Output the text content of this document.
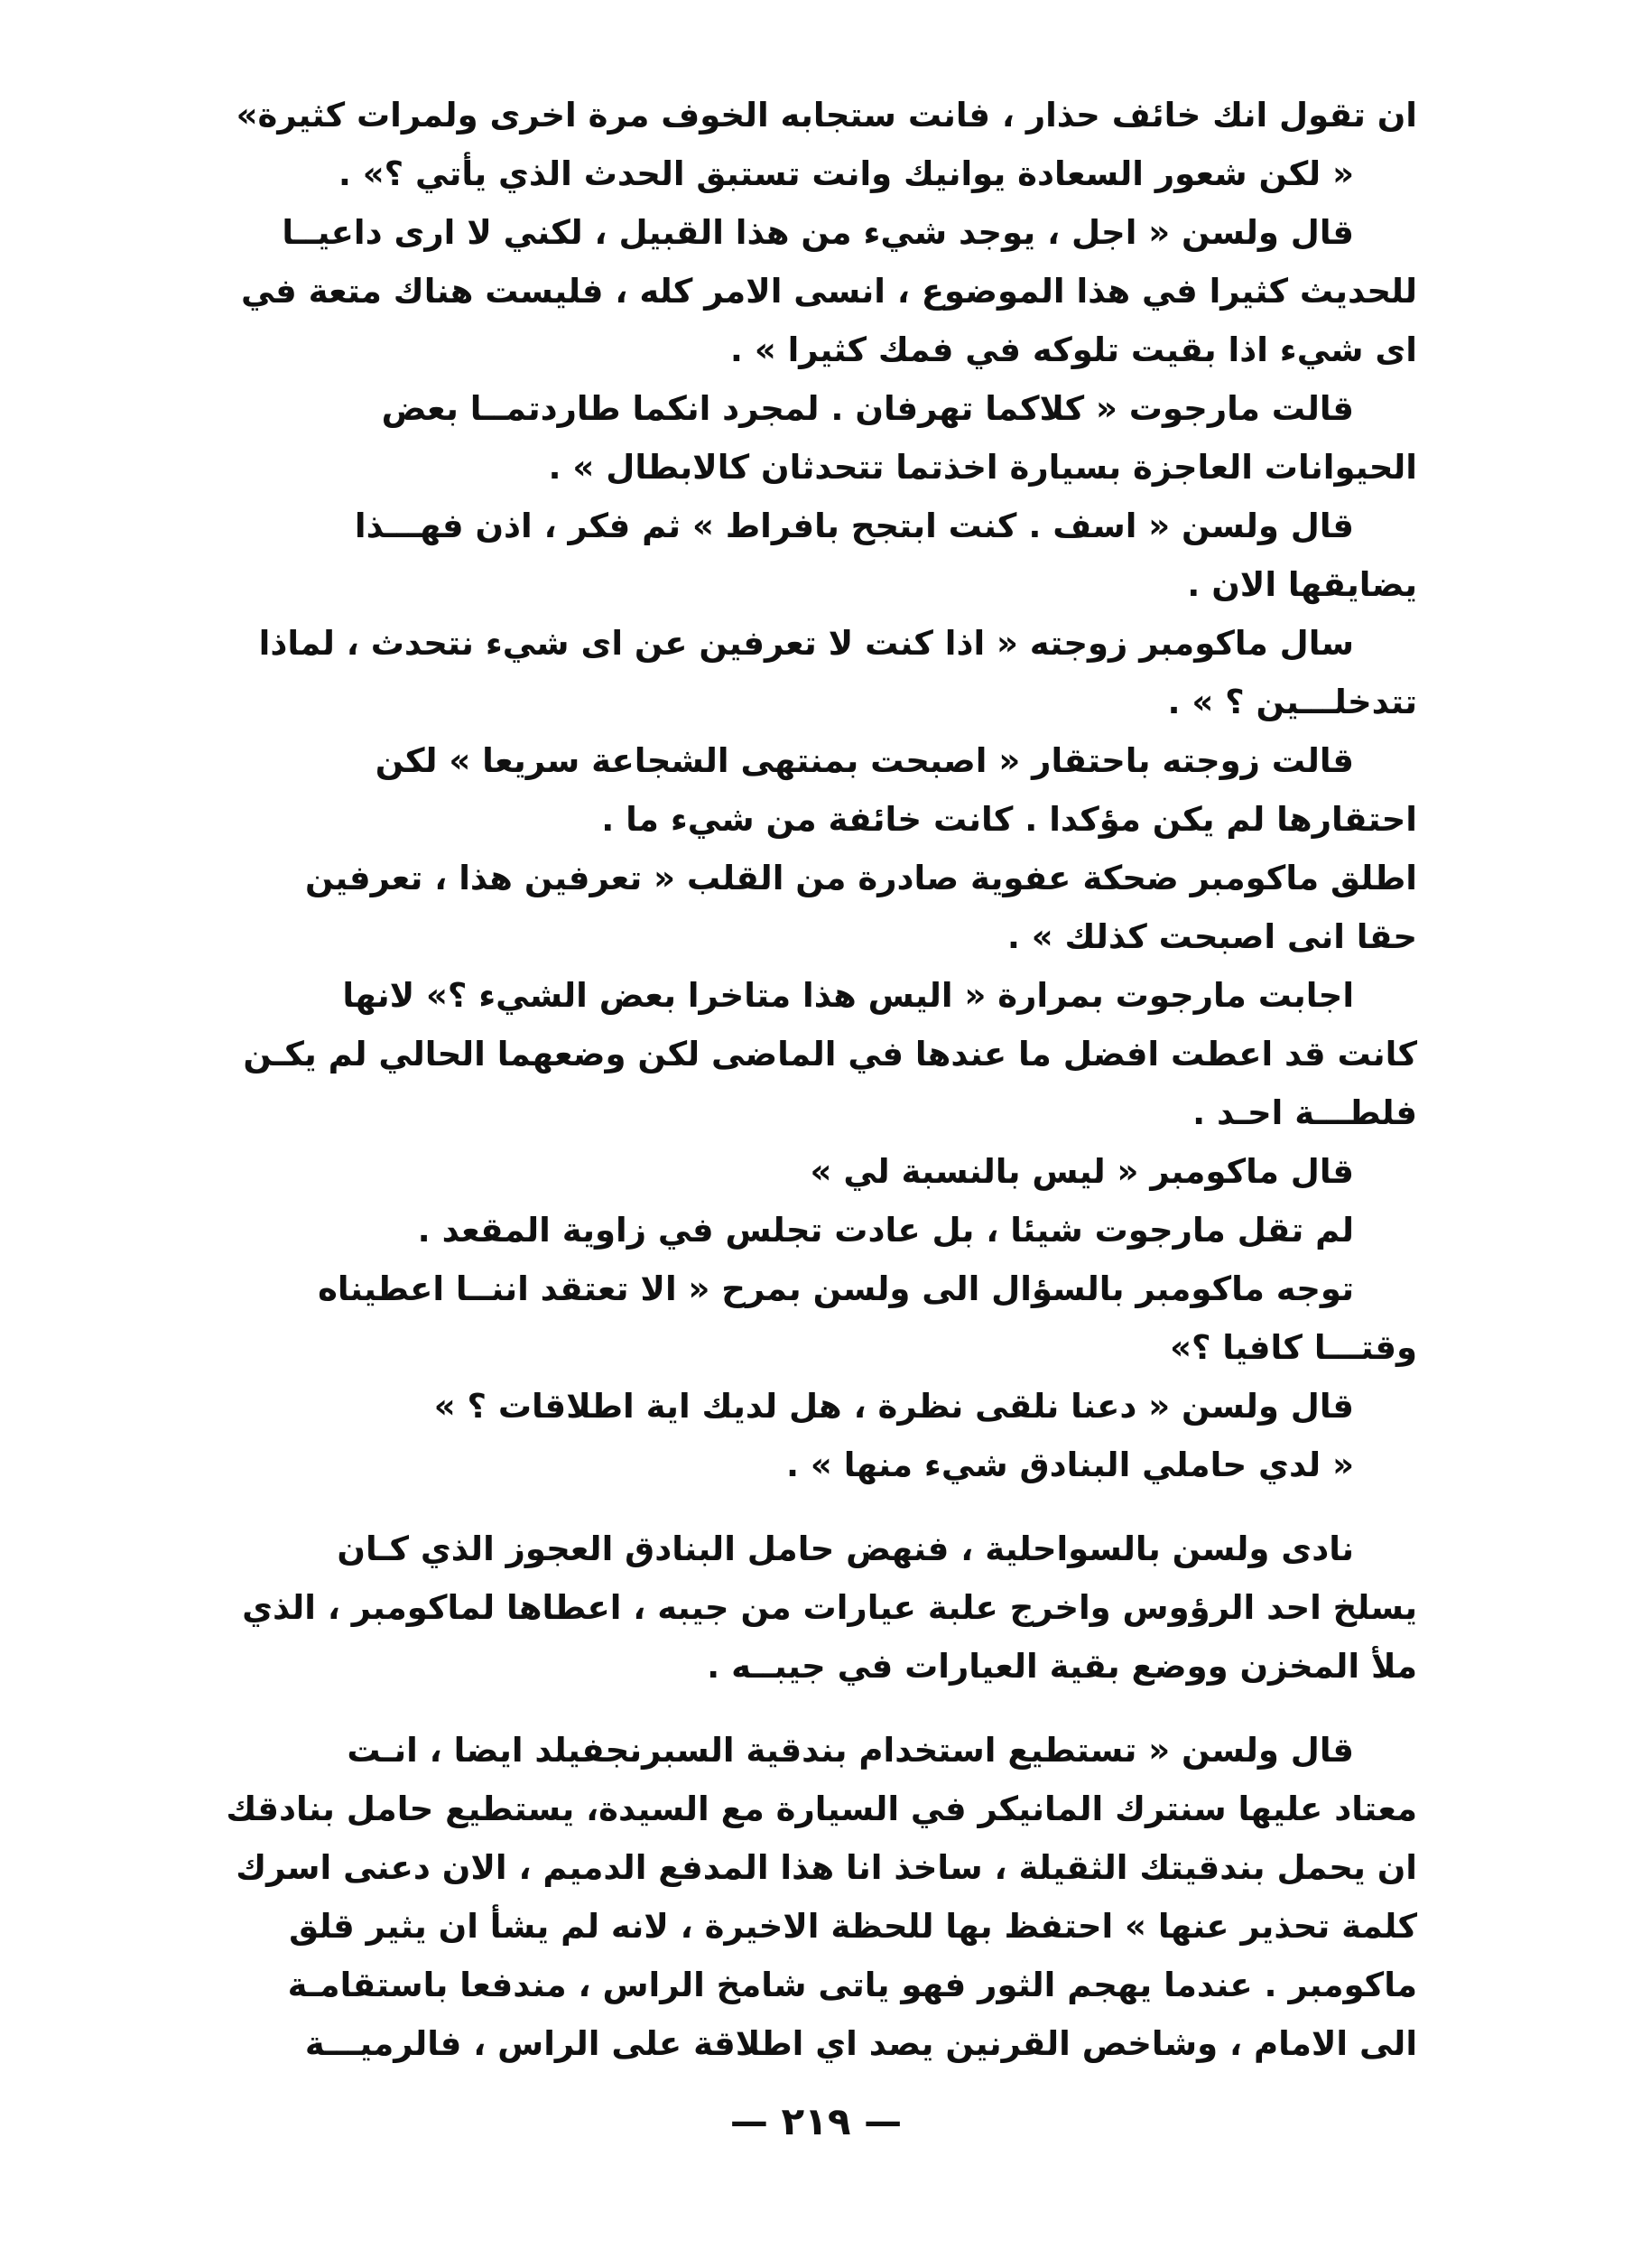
ان تقول انك خائف حذار ، فانت ستجابه الخوف مرة اخرى ولمرات كثيرة»
« لكن شعور السعادة يوانيك وانت تستبق الحدث الذي يأتي ؟» .

قال ولسن « اجل ، يوجد شيء من هذا القبيل ، لكني لا ارى داعيــا
للحديث كثيرا في هذا الموضوع ، انسى الامر كله ، فليست هناك متعة في
اى شيء اذا بقيت تلوكه في فمك كثيرا » .

قالت مارجوت « كلاكما تهرفان . لمجرد انكما طاردتمــا بعض
الحيوانات العاجزة بسيارة اخذتما تتحدثان كالابطال » .

قال ولسن « اسف . كنت ابتجح بافراط » ثم فكر ، اذن فهـــذا
يضايقها الان .

سال ماكومبر زوجته « اذا كنت لا تعرفين عن اى شيء نتحدث ، لماذا
تتدخلـــين ؟ » .

قالت زوجته باحتقار « اصبحت بمنتهى الشجاعة سريعا » لكن
احتقارها لم يكن مؤكدا . كانت خائفة من شيء ما .

اطلق ماكومبر ضحكة عفوية صادرة من القلب « تعرفين هذا ، تعرفين
حقا انى اصبحت كذلك » .

اجابت مارجوت بمرارة « اليس هذا متاخرا بعض الشيء ؟» لانها
كانت قد اعطت افضل ما عندها في الماضى لكن وضعهما الحالي لم يكـن
فلطـــة احـد .

قال ماكومبر « ليس بالنسبة لي »
لم تقل مارجوت شيئا ، بل عادت تجلس في زاوية المقعد .

توجه ماكومبر بالسؤال الى ولسن بمرح « الا تعتقد اننــا اعطيناه
وقتـــا كافيا ؟»

قال ولسن « دعنا نلقى نظرة ، هل لديك اية اطلاقات ؟ »
« لدي حاملي البنادق شيء منها » .

نادى ولسن بالسواحلية ، فنهض حامل البنادق العجوز الذي كـان
يسلخ احد الرؤوس واخرج علبة عيارات من جيبه ، اعطاها لماكومبر ، الذي
ملأ المخزن ووضع بقية العيارات في جيبــه .

قال ولسن « تستطيع استخدام بندقية السبرنجفيلد ايضا ، انـت
معتاد عليها سنترك المانيكر في السيارة مع السيدة، يستطيع حامل بنادقك
ان يحمل بندقيتك الثقيلة ، ساخذ انا هذا المدفع الدميم ، الان دعنى اسرك
كلمة تحذير عنها » احتفظ بها للحظة الاخيرة ، لانه لم يشأ ان يثير قلق
ماكومبر . عندما يهجم الثور فهو ياتى شامخ الراس ، مندفعا باستقامـة
الى الامام ، وشاخص القرنين يصد اي اطلاقة على الراس ، فالرميـــة

— ٢١٩ —
